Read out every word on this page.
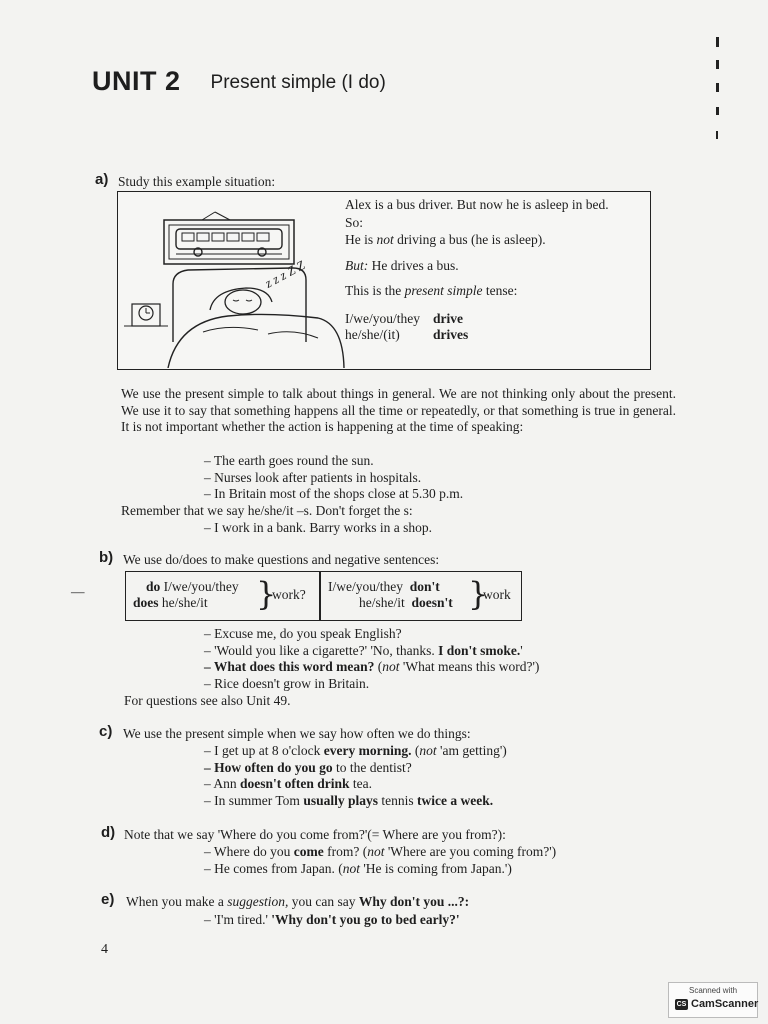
UNIT 2 Present simple (I do)
a) Study this example situation:
z z z Z Z
Alex is a bus driver. But now he is asleep in bed.
So:
He is not driving a bus (he is asleep).
But: He drives a bus.
This is the present simple tense:
I/we/you/they drive
he/she/(it)	drives
We use the present simple to talk about things in general. We are not thinking only about the present. We use it to say that something happens all the time or repeatedly, or that something is true in general. It is not important whether the action is happening at the time of speaking:
– The earth goes round the sun.
– Nurses look after patients in hospitals.
– In Britain most of the shops close at 5.30 p.m.
Remember that we say he/she/it –s. Don't forget the s:
– I work in a bank. Barry works in a shop.
b) We use do/does to make questions and negative sentences:
—	do I/we/you/they
does he/she/it }
work?
I/we/you/they don't
he/she/it doesn't }
work
– Excuse me, do you speak English?
– 'Would you like a cigarette?' 'No, thanks. I don't smoke.'
– What does this word mean? (not 'What means this word?')
– Rice doesn't grow in Britain.
For questions see also Unit 49.
c) We use the present simple when we say how often we do things:
– I get up at 8 o'clock every morning. (not 'am getting')
– How often do you go to the dentist?
– Ann doesn't often drink tea.
– In summer Tom usually plays tennis twice a week.
d) Note that we say 'Where do you come from?'(= Where are you from?):
– Where do you come from? (not 'Where are you coming from?')
– He comes from Japan. (not 'He is coming from Japan.')
e) When you make a suggestion, you can say Why don't you ...?:
– 'I'm tired.' 'Why don't you go to bed early?'
4
Scanned with
CS CamScanner
